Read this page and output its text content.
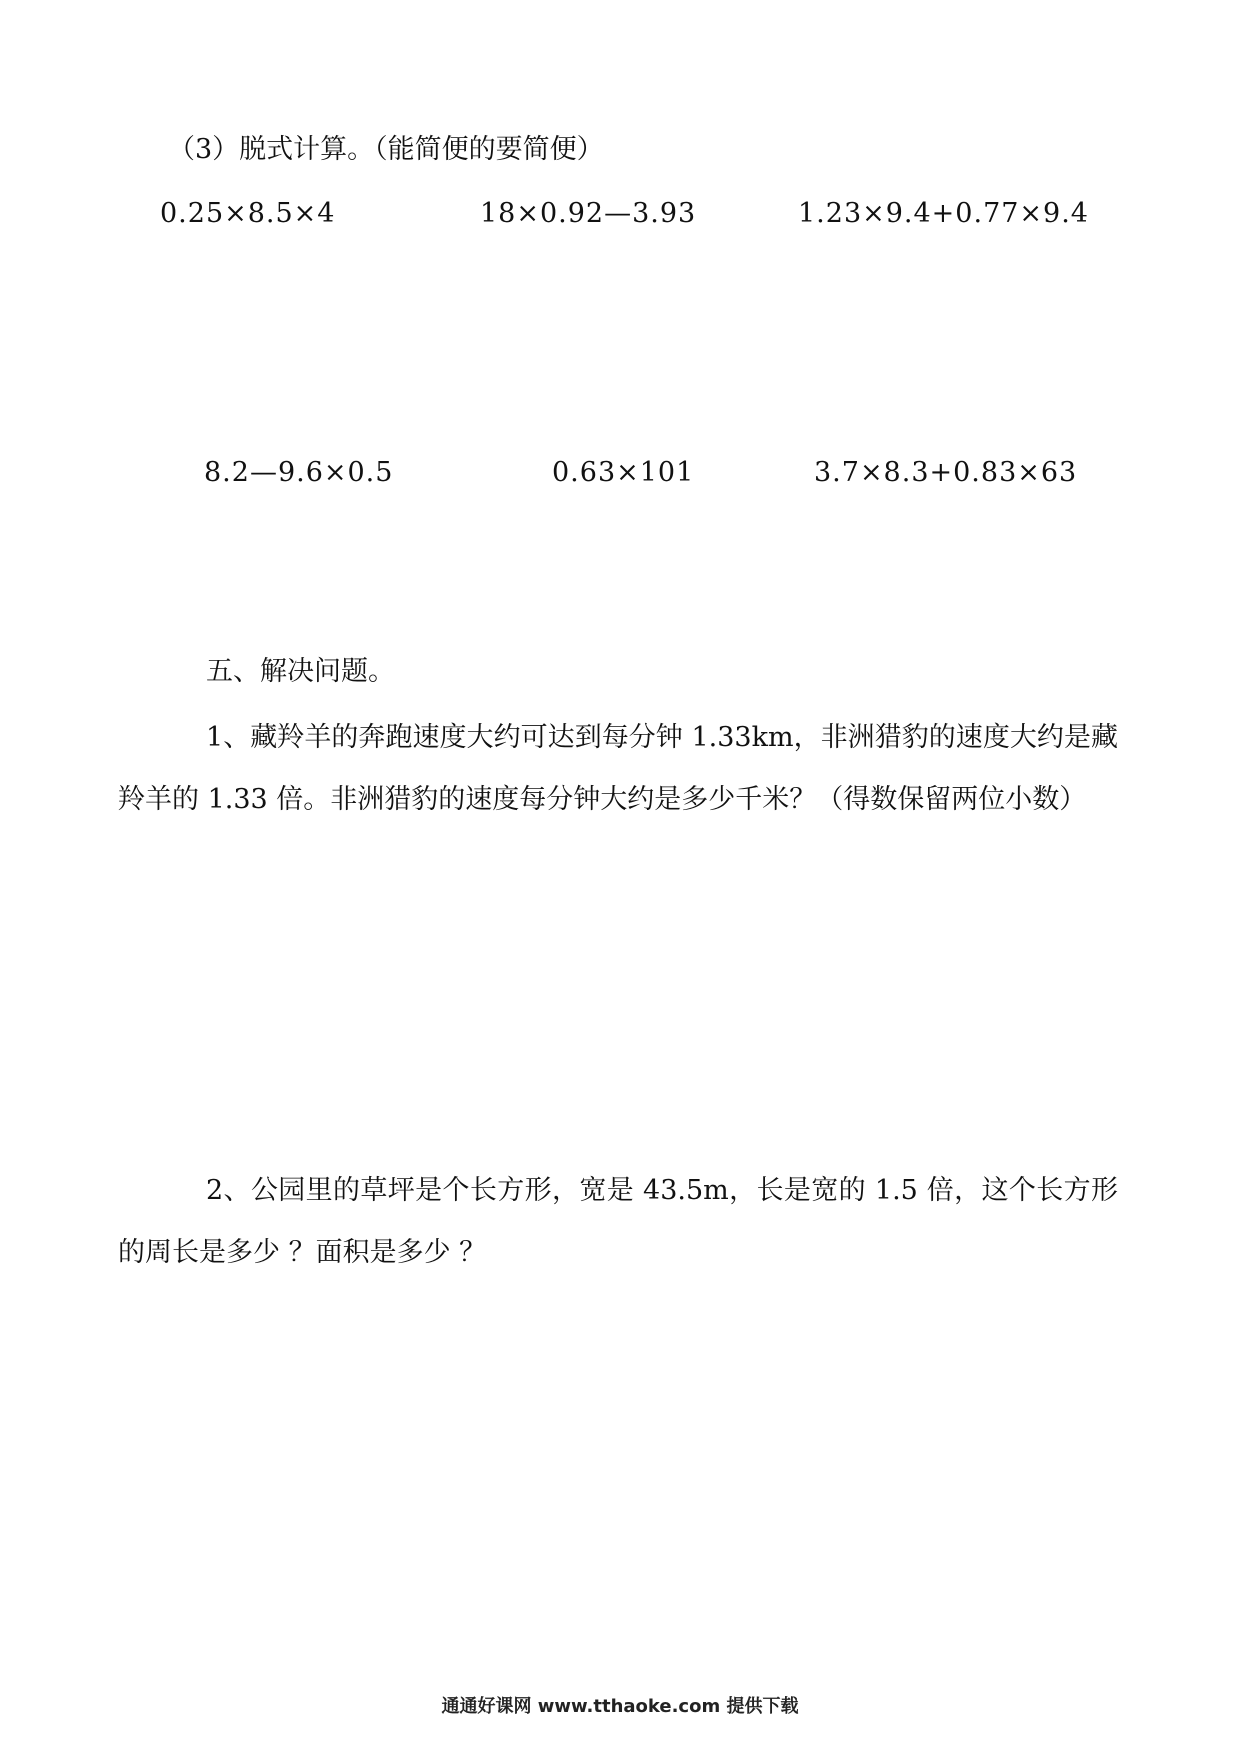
（3）脱式计算。（能简便的要简便）
0.25×8.5×4	18×0.92—3.93	1.23×9.4+0.77×9.4
8.2—9.6×0.5	0.63×101	3.7×8.3+0.83×63
五、解决问题。
1、藏羚羊的奔跑速度大约可达到每分钟 1.33km，非洲猎豹的速度大约是藏羚羊的 1.33 倍。非洲猎豹的速度每分钟大约是多少千米？（得数保留两位小数）
2、公园里的草坪是个长方形，宽是 43.5m，长是宽的 1.5 倍，这个长方形的周长是多少 ？面积是多少 ？
通通好课网 www.tthaoke.com 提供下载
